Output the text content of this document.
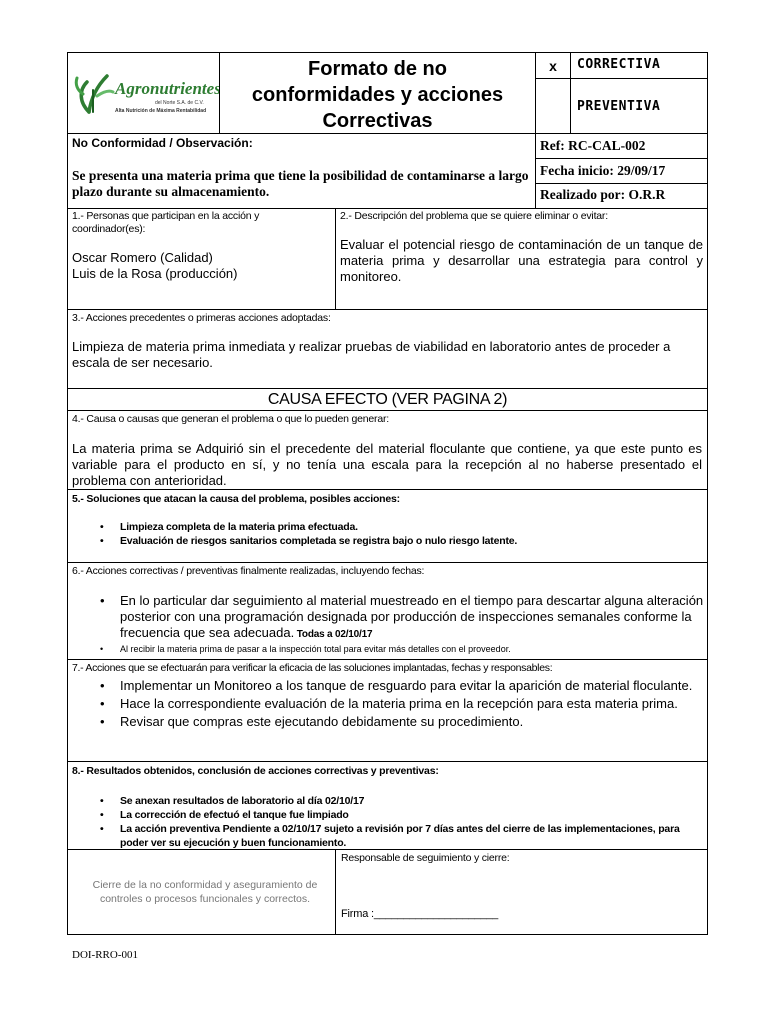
Agronutrientes
del Norte S.A. de C.V.
Alta Nutrición de Máxima Rentabilidad
Formato de no
conformidades y acciones
Correctivas
x	CORRECTIVA
PREVENTIVA
No Conformidad / Observación:
Se presenta una materia prima que tiene la posibilidad de contaminarse a largo plazo durante su almacenamiento.
Ref: RC-CAL-002
Fecha inicio: 29/09/17
Realizado por: O.R.R
1.- Personas que participan en la acción y
coordinador(es):
Oscar Romero (Calidad)
Luis de la Rosa (producción)
2.- Descripción del problema que se quiere eliminar o evitar:
Evaluar el potencial riesgo de contaminación de un tanque de materia prima y desarrollar una estrategia para control y monitoreo.
3.- Acciones precedentes o primeras acciones adoptadas:
Limpieza de materia prima inmediata y realizar pruebas de viabilidad en laboratorio antes de proceder a escala de ser necesario.
CAUSA EFECTO (VER PAGINA 2)
4.- Causa o causas que generan el problema o que lo pueden generar:
La materia prima se Adquirió sin el precedente del material floculante que contiene, ya que este punto es variable para el producto en sí, y no tenía una escala para la recepción al no haberse presentado el problema con anterioridad.
5.- Soluciones que atacan la causa del problema, posibles acciones:
• Limpieza completa de la materia prima efectuada.
• Evaluación de riesgos sanitarios completada se registra bajo o nulo riesgo latente.
6.- Acciones correctivas / preventivas finalmente realizadas, incluyendo fechas:
• En lo particular dar seguimiento al material muestreado en el tiempo para descartar alguna alteración posterior con una programación designada por producción de inspecciones semanales conforme la frecuencia que sea adecuada. Todas a 02/10/17
• Al recibir la materia prima de pasar a la inspección total para evitar más detalles con el proveedor.
7.- Acciones que se efectuarán para verificar la eficacia de las soluciones implantadas, fechas y responsables:
• Implementar un Monitoreo a los tanque de resguardo para evitar la aparición de material floculante.
• Hace la correspondiente evaluación de la materia prima en la recepción para esta materia prima.
• Revisar que compras este ejecutando debidamente su procedimiento.
8.- Resultados obtenidos, conclusión de acciones correctivas y preventivas:
• Se anexan resultados de laboratorio al día 02/10/17
• La corrección de efectuó el tanque fue limpiado
• La acción preventiva Pendiente a 02/10/17 sujeto a revisión por 7 días antes del cierre de las implementaciones, para poder ver su ejecución y buen funcionamiento.
Cierre de la no conformidad y aseguramiento de controles o procesos funcionales y correctos.
Responsable de seguimiento y cierre:
Firma :_____________________
DOI-RRO-001
